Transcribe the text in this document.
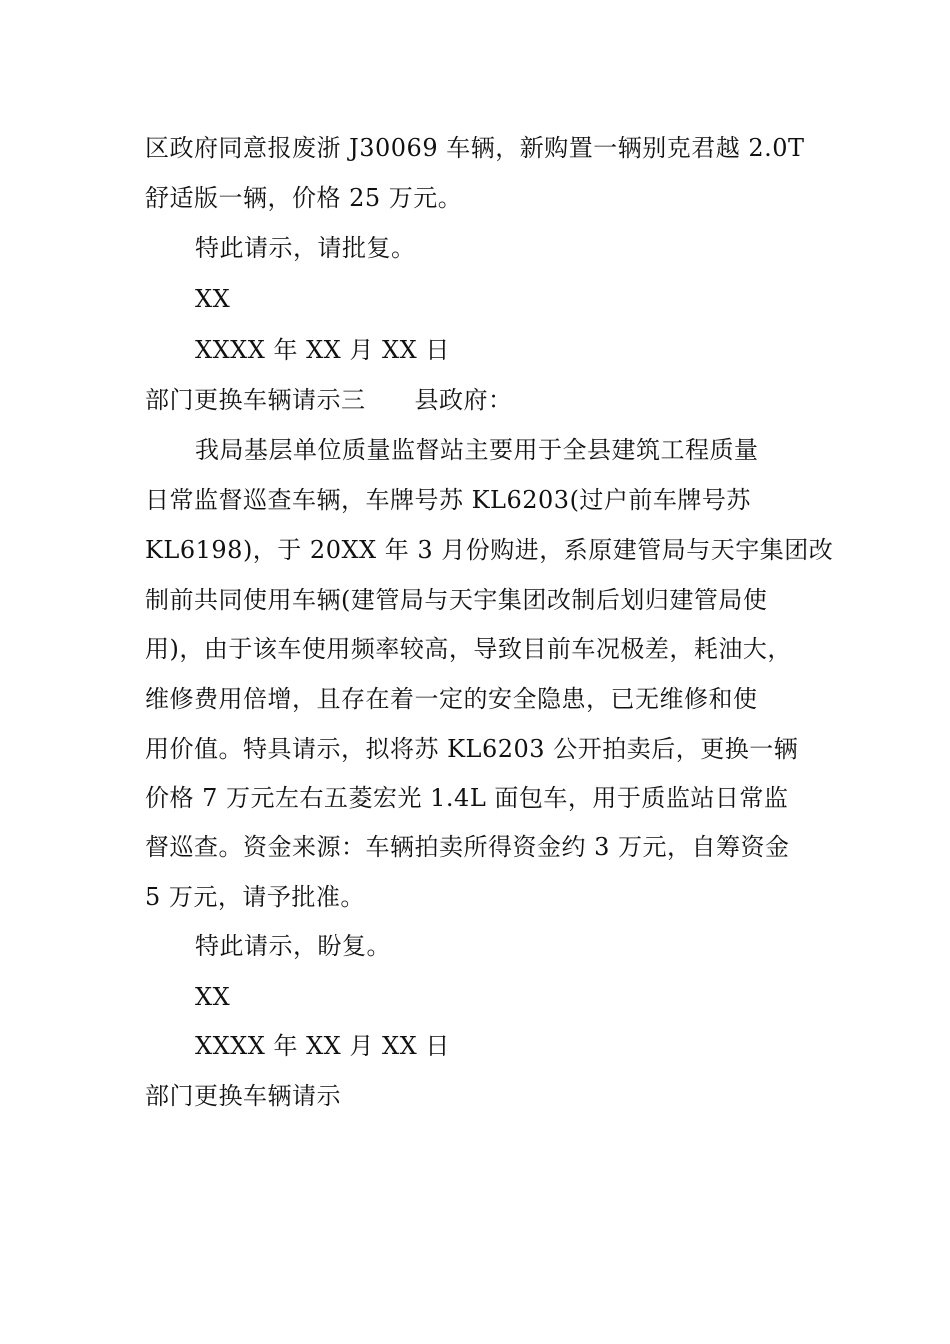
区政府同意报废浙 J30069 车辆，新购置一辆别克君越 2.0T
舒适版一辆，价格 25 万元。
特此请示，请批复。
XX
XXXX 年 XX 月 XX 日
部门更换车辆请示三　　县政府：
我局基层单位质量监督站主要用于全县建筑工程质量
日常监督巡查车辆，车牌号苏 KL6203(过户前车牌号苏
KL6198)，于 20XX 年 3 月份购进，系原建管局与天宇集团改
制前共同使用车辆(建管局与天宇集团改制后划归建管局使
用)，由于该车使用频率较高，导致目前车况极差，耗油大，
维修费用倍增，且存在着一定的安全隐患，已无维修和使
用价值。特具请示，拟将苏 KL6203 公开拍卖后，更换一辆
价格 7 万元左右五菱宏光 1.4L 面包车，用于质监站日常监
督巡查。资金来源：车辆拍卖所得资金约 3 万元，自筹资金
5 万元，请予批准。
特此请示，盼复。
XX
XXXX 年 XX 月 XX 日
部门更换车辆请示
